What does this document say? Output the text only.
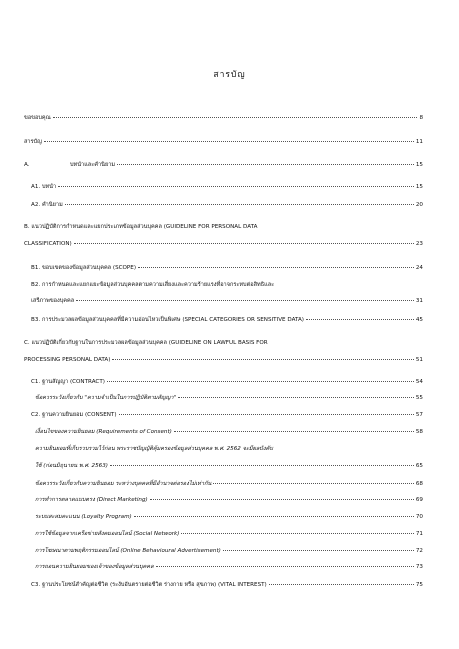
สารบัญ
ขอขอบคุณ	8
สารบัญ	11
A.	บทนำและคำนิยาม	15
A1. บทนำ	15
A2. คำนิยาม	20
B. แนวปฏิบัติการกำหนดและแยกประเภทข้อมูลส่วนบุคคล (GUIDELINE FOR PERSONAL DATA
CLASSIFICATION)	23
B1. ขอบเขตของข้อมูลส่วนบุคคล (SCOPE)	24
B2. การกำหนดและแยกแยะข้อมูลส่วนบุคคลตามความเสี่ยงและความร้ายแรงที่อาจกระทบต่อสิทธิและ
เสรีภาพของบุคคล	31
B3. การประมวลผลข้อมูลส่วนบุคคลที่มีความอ่อนไหวเป็นพิเศษ (SPECIAL CATEGORIES OR SENSITIVE DATA)	45
C. แนวปฏิบัติเกี่ยวกับฐานในการประมวลผลข้อมูลส่วนบุคคล (GUIDELINE ON LAWFUL BASIS FOR
PROCESSING PERSONAL DATA)	51
C1. ฐานสัญญา (CONTRACT)	54
ข้อควรระวังเกี่ยวกับ "ความจำเป็นในการปฏิบัติตามสัญญา"	55
C2. ฐานความยินยอม (CONSENT)	57
เงื่อนไขของความยินยอม (Requirements of Consent)	58
ความยินยอมที่เก็บรวบรวมไว้ก่อน พระราชบัญญัติคุ้มครองข้อมูลส่วนบุคคล พ.ศ. 2562 จะมีผลบังคับ
ใช้ (ก่อนมิถุนายน พ.ศ. 2563)	65
ข้อควรระวังเกี่ยวกับความยินยอม ระหว่างบุคคลที่มีอำนาจต่อรองไม่เท่ากัน	68
การทำการตลาดแบบตรง (Direct Marketing)	69
ระบบสะสมคะแนน (Loyalty Program)	70
การใช้ข้อมูลจากเครือข่ายสังคมออนไลน์ (Social Network)	71
การโฆษณาตามพฤติกรรมออนไลน์ (Online Behavioural Advertisement)	72
การถอนความยินยอมของเจ้าของข้อมูลส่วนบุคคล	73
C3. ฐานประโยชน์สำคัญต่อชีวิต (ระงับอันตรายต่อชีวิต ร่างกาย หรือ สุขภาพ) (VITAL INTEREST)	75
